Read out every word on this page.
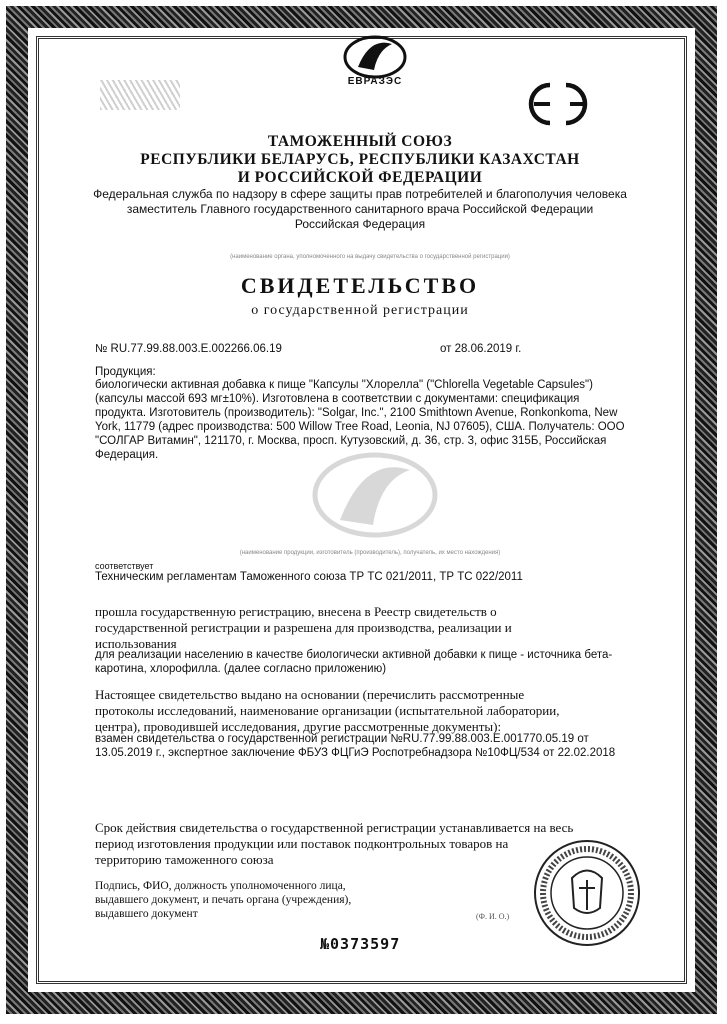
ЕВРАЗЭС
ТАМОЖЕННЫЙ СОЮЗ
РЕСПУБЛИКИ БЕЛАРУСЬ, РЕСПУБЛИКИ КАЗАХСТАН
И РОССИЙСКОЙ ФЕДЕРАЦИИ
Федеральная служба по надзору в сфере защиты прав потребителей и благополучия человека
заместитель Главного государственного санитарного врача Российской Федерации
Российская Федерация
(наименование органа, уполномоченного на выдачу свидетельства о государственной регистрации)
СВИДЕТЕЛЬСТВО
о государственной регистрации
№ RU.77.99.88.003.Е.002266.06.19	от 28.06.2019 г.
Продукция:
биологически активная добавка к пище "Капсулы "Хлорелла" ("Chlorella Vegetable Capsules")
(капсулы массой 693 мг±10%). Изготовлена в соответствии с документами: спецификация
продукта. Изготовитель (производитель): "Solgar, Inc.", 2100 Smithtown Avenue, Ronkonkoma, New
York, 11779 (адрес производства: 500 Willow Tree Road, Leonia, NJ 07605), США. Получатель: ООО
"СОЛГАР Витамин", 121170, г. Москва, просп. Кутузовский, д. 36, стр. 3, офис 315Б, Российская
Федерация.
(наименование продукции, изготовитель (производитель), получатель, их место нахождения)
соответствует
Техническим регламентам Таможенного союза ТР ТС 021/2011, ТР ТС 022/2011
прошла государственную регистрацию, внесена в Реестр свидетельств о
государственной регистрации и разрешена для производства, реализации и
использования
для реализации населению в качестве биологически активной добавки к пище - источника бета-
каротина, хлорофилла. (далее согласно приложению)
Настоящее свидетельство выдано на основании (перечислить рассмотренные
протоколы исследований, наименование организации (испытательной лаборатории,
центра), проводившей исследования, другие рассмотренные документы):
взамен свидетельства о государственной регистрации №RU.77.99.88.003.Е.001770.05.19 от
13.05.2019 г., экспертное заключение ФБУЗ ФЦГиЭ Роспотребнадзора №10ФЦ/534 от 22.02.2018
Срок действия свидетельства о государственной регистрации устанавливается на весь
период изготовления продукции или поставок подконтрольных товаров на
территорию таможенного союза
Подпись, ФИО, должность уполномоченного лица,
выдавшего документ, и печать органа (учреждения),
выдавшего документ	(Ф. И. О.)
№0373597
